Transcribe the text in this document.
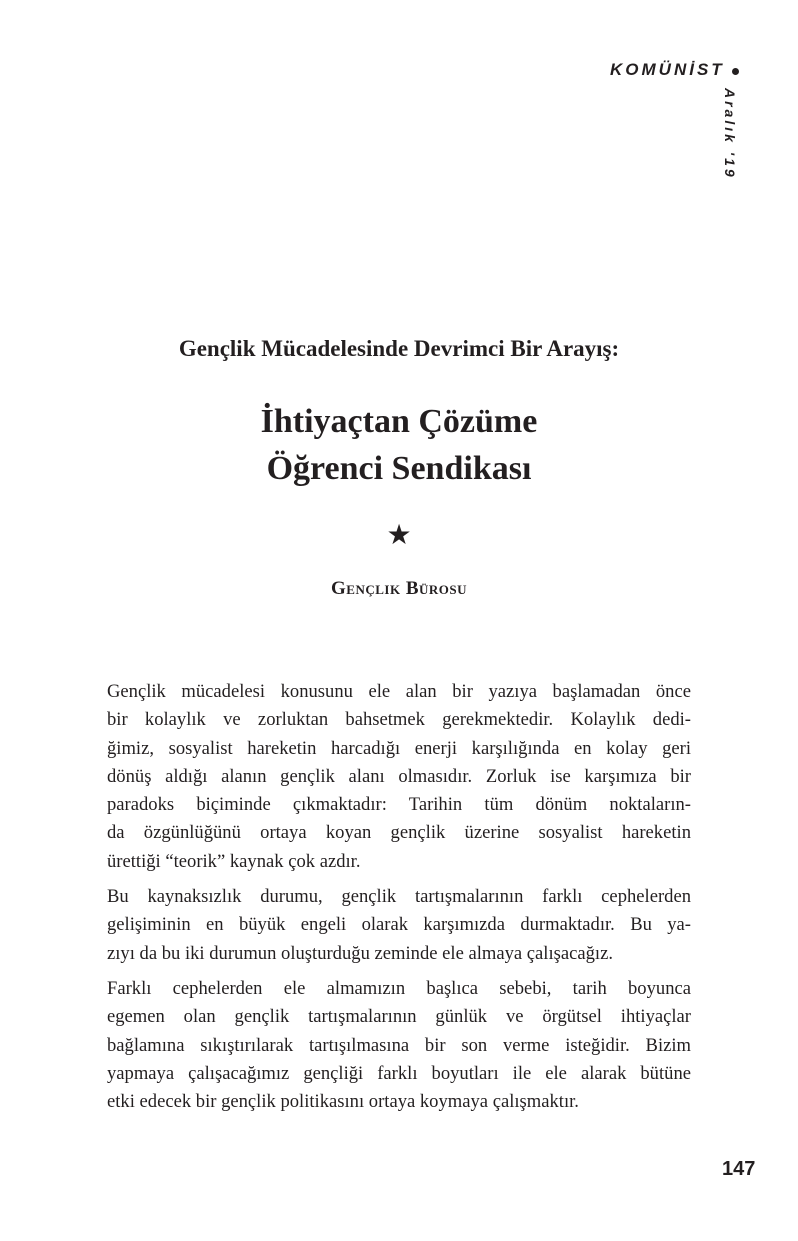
KOMÜNİST
Aralık '19
Gençlik Mücadelesinde Devrimci Bir Arayış:
İhtiyaçtan Çözüme
Öğrenci Sendikası
★
Gençlik Bürosu
Gençlik mücadelesi konusunu ele alan bir yazıya başlamadan önce
bir kolaylık ve zorluktan bahsetmek gerekmektedir. Kolaylık dedi-
ğimiz, sosyalist hareketin harcadığı enerji karşılığında en kolay geri
dönüş aldığı alanın gençlik alanı olmasıdır. Zorluk ise karşımıza bir
paradoks biçiminde çıkmaktadır: Tarihin tüm dönüm noktaların-
da özgünlüğünü ortaya koyan gençlik üzerine sosyalist hareketin
ürettiği “teorik” kaynak çok azdır.
Bu kaynaksızlık durumu, gençlik tartışmalarının farklı cephelerden
gelişiminin en büyük engeli olarak karşımızda durmaktadır. Bu ya-
zıyı da bu iki durumun oluşturduğu zeminde ele almaya çalışacağız.
Farklı cephelerden ele almamızın başlıca sebebi, tarih boyunca
egemen olan gençlik tartışmalarının günlük ve örgütsel ihtiyaçlar
bağlamına sıkıştırılarak tartışılmasına bir son verme isteğidir. Bizim
yapmaya çalışacağımız gençliği farklı boyutları ile ele alarak bütüne
etki edecek bir gençlik politikasını ortaya koymaya çalışmaktır.
147
